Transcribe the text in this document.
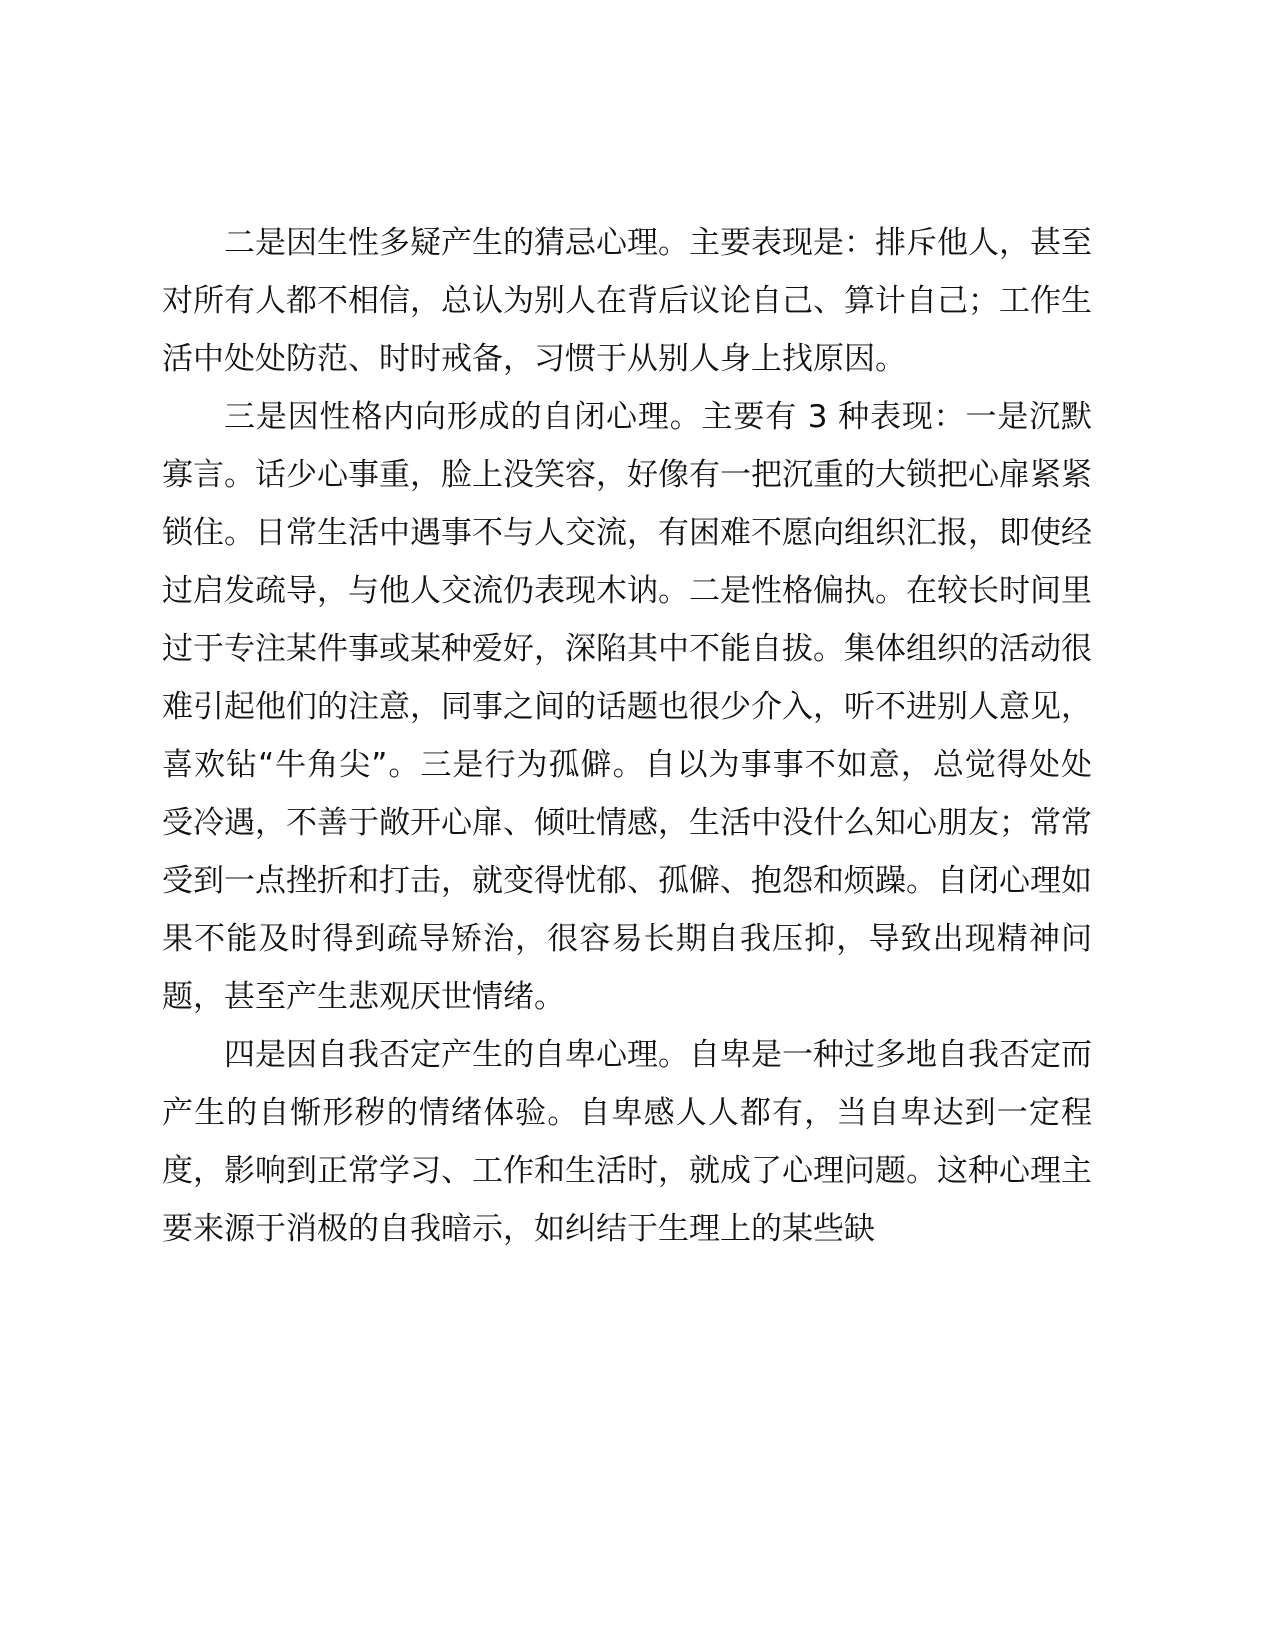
二是因生性多疑产生的猜忌心理。主要表现是：排斥他人，甚至对所有人都不相信，总认为别人在背后议论自己、算计自己；工作生活中处处防范、时时戒备，习惯于从别人身上找原因。

三是因性格内向形成的自闭心理。主要有 3 种表现：一是沉默寡言。话少心事重，脸上没笑容，好像有一把沉重的大锁把心扉紧紧锁住。日常生活中遇事不与人交流，有困难不愿向组织汇报，即使经过启发疏导，与他人交流仍表现木讷。二是性格偏执。在较长时间里过于专注某件事或某种爱好，深陷其中不能自拔。集体组织的活动很难引起他们的注意，同事之间的话题也很少介入，听不进别人意见，喜欢钻“牛角尖”。三是行为孤僻。自以为事事不如意，总觉得处处受冷遇，不善于敞开心扉、倾吐情感，生活中没什么知心朋友；常常受到一点挫折和打击，就变得忧郁、孤僻、抱怨和烦躁。自闭心理如果不能及时得到疏导矫治，很容易长期自我压抑，导致出现精神问题，甚至产生悲观厌世情绪。

四是因自我否定产生的自卑心理。自卑是一种过多地自我否定而产生的自惭形秽的情绪体验。自卑感人人都有，当自卑达到一定程度，影响到正常学习、工作和生活时，就成了心理问题。这种心理主要来源于消极的自我暗示，如纠结于生理上的某些缺
